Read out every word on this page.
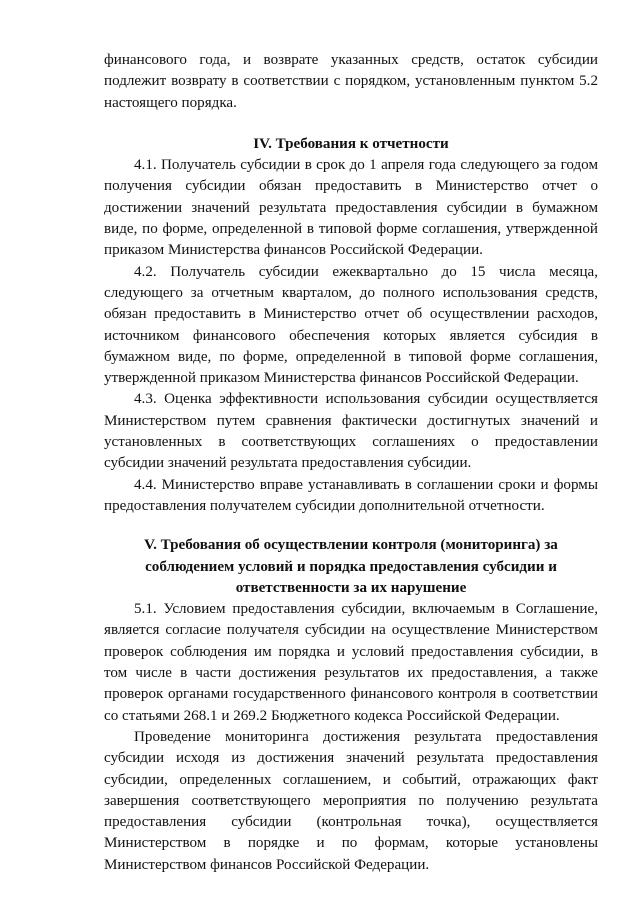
финансового года, и возврате указанных средств, остаток субсидии подлежит возврату в соответствии с порядком, установленным пунктом 5.2 настоящего порядка.

IV. Требования к отчетности

4.1. Получатель субсидии в срок до 1 апреля года следующего за годом получения субсидии обязан предоставить в Министерство отчет о достижении значений результата предоставления субсидии в бумажном виде, по форме, определенной в типовой форме соглашения, утвержденной приказом Министерства финансов Российской Федерации.

4.2. Получатель субсидии ежеквартально до 15 числа месяца, следующего за отчетным кварталом, до полного использования средств, обязан предоставить в Министерство отчет об осуществлении расходов, источником финансового обеспечения которых является субсидия в бумажном виде, по форме, определенной в типовой форме соглашения, утвержденной приказом Министерства финансов Российской Федерации.

4.3. Оценка эффективности использования субсидии осуществляется Министерством путем сравнения фактически достигнутых значений и установленных в соответствующих соглашениях о предоставлении субсидии значений результата предоставления субсидии.

4.4. Министерство вправе устанавливать в соглашении сроки и формы предоставления получателем субсидии дополнительной отчетности.

V. Требования об осуществлении контроля (мониторинга) за соблюдением условий и порядка предоставления субсидии и ответственности за их нарушение

5.1. Условием предоставления субсидии, включаемым в Соглашение, является согласие получателя субсидии на осуществление Министерством проверок соблюдения им порядка и условий предоставления субсидии, в том числе в части достижения результатов их предоставления, а также проверок органами государственного финансового контроля в соответствии со статьями 268.1 и 269.2 Бюджетного кодекса Российской Федерации.

Проведение мониторинга достижения результата предоставления субсидии исходя из достижения значений результата предоставления субсидии, определенных соглашением, и событий, отражающих факт завершения соответствующего мероприятия по получению результата предоставления субсидии (контрольная точка), осуществляется Министерством в порядке и по формам, которые установлены Министерством финансов Российской Федерации.
